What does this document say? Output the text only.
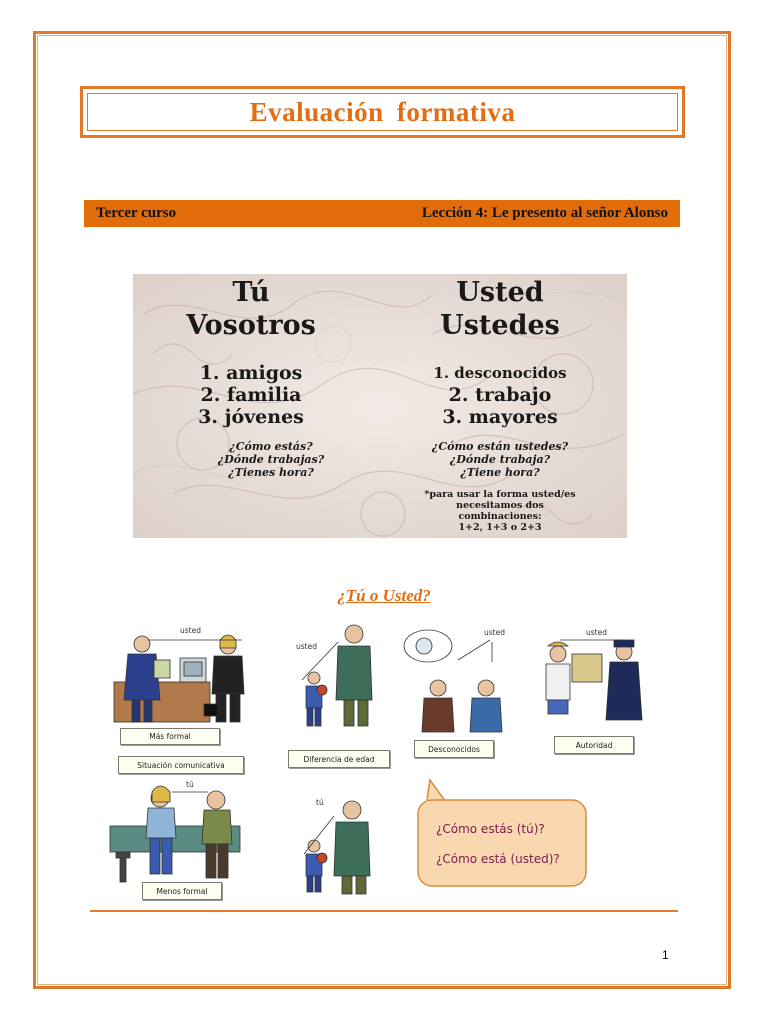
Evaluación formativa
Tercer curso	Lección 4: Le presento al señor Alonso
Tú
Vosotros
1. amigos
2. familia
3. jóvenes
¿Cómo estás?
¿Dónde trabajas?
¿Tienes hora?
Usted
Ustedes
1. desconocidos
2. trabajo
3. mayores
¿Cómo están ustedes?
¿Dónde trabaja?
¿Tiene hora?
*para usar la forma usted/es
necesitamos dos
combinaciones:
1+2, 1+3 o 2+3
¿Tú o Usted?
usted
usted
usted	usted
tú
tú
Más formal
Situación comunicativa
Diferencia de edad
Desconocidos	Autoridad
Menos formal
¿Cómo estás (tú)?
¿Cómo está (usted)?
1
